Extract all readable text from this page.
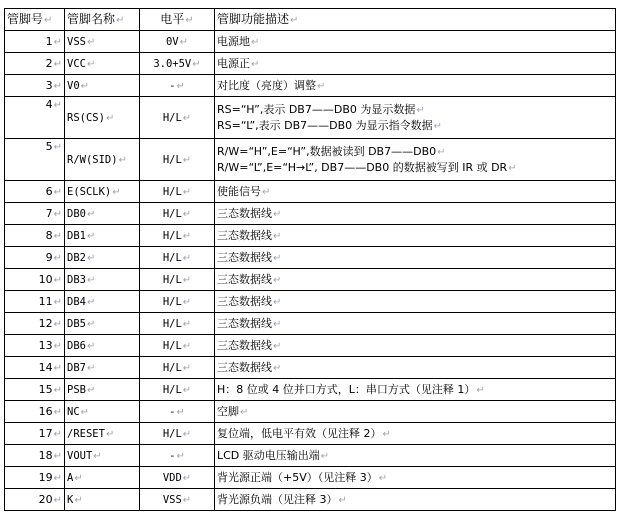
管脚号↵	管脚名称↵	电平↵	管脚功能描述↵
1↵	VSS↵	0V↵	电源地↵
2↵	VCC↵	3.0+5V↵	电源正↵
3↵	V0↵	-↵	对比度（亮度）调整↵
4↵	RS(CS)↵	H/L↵	RS=“H”,表示 DB7——DB0 为显示数据↵
RS=“L”,表示 DB7——DB0 为显示指令数据↵

5↵	R/W(SID)↵	H/L↵	R/W=“H”,E=“H”,数据被读到 DB7——DB0↵
R/W=“L”,E=“H→L”, DB7——DB0 的数据被写到 IR 或 DR↵

6↵	E(SCLK)↵	H/L↵	使能信号↵
7↵	DB0↵	H/L↵	三态数据线↵
8↵	DB1↵	H/L↵	三态数据线↵
9↵	DB2↵	H/L↵	三态数据线↵
10↵	DB3↵	H/L↵	三态数据线↵
11↵	DB4↵	H/L↵	三态数据线↵
12↵	DB5↵	H/L↵	三态数据线↵
13↵	DB6↵	H/L↵	三态数据线↵
14↵	DB7↵	H/L↵	三态数据线↵
15↵	PSB↵	H/L↵	H：8 位或 4 位并口方式，L：串口方式（见注释 1）↵
16↵	NC↵	-↵	空脚↵
17↵	/RESET↵	H/L↵	复位端，低电平有效（见注释 2）↵
18↵	VOUT↵	-↵	LCD 驱动电压输出端↵
19↵	A↵	VDD↵	背光源正端（+5V）（见注释 3）↵
20↵	K↵	VSS↵	背光源负端（见注释 3）↵
